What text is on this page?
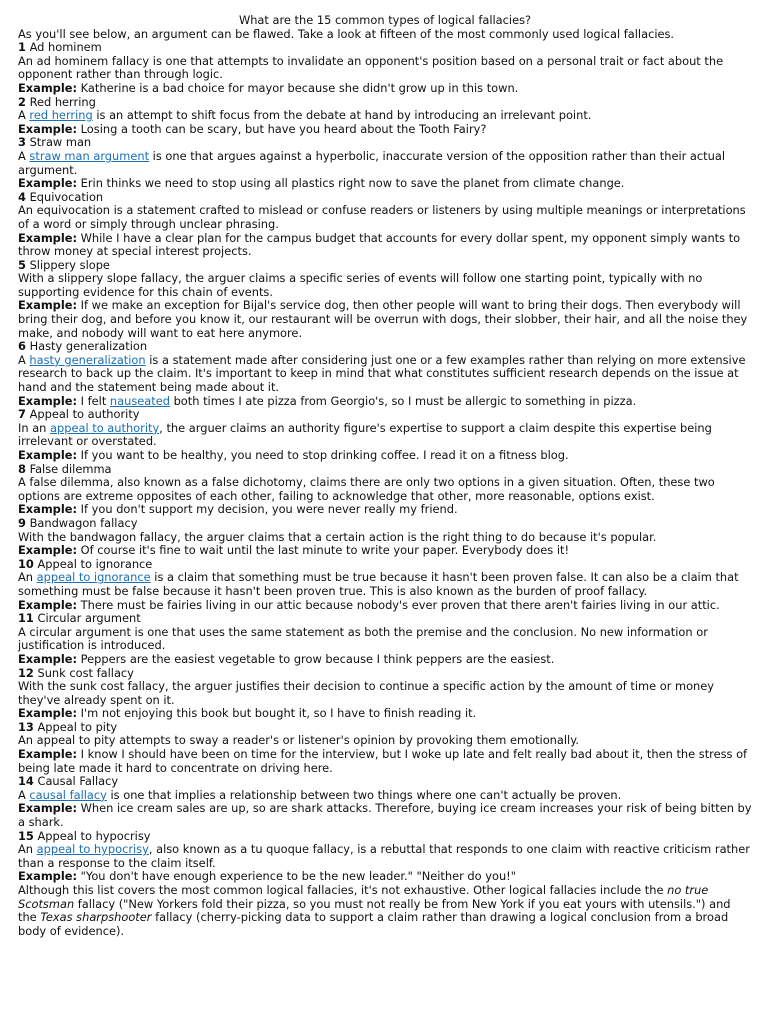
What are the 15 common types of logical fallacies?
As you'll see below, an argument can be flawed. Take a look at fifteen of the most commonly used logical fallacies.
1 Ad hominem
An ad hominem fallacy is one that attempts to invalidate an opponent's position based on a personal trait or fact about the opponent rather than through logic.
Example: Katherine is a bad choice for mayor because she didn't grow up in this town.
2 Red herring
A red herring is an attempt to shift focus from the debate at hand by introducing an irrelevant point.
Example: Losing a tooth can be scary, but have you heard about the Tooth Fairy?
3 Straw man
A straw man argument is one that argues against a hyperbolic, inaccurate version of the opposition rather than their actual argument.
Example: Erin thinks we need to stop using all plastics right now to save the planet from climate change.
4 Equivocation
An equivocation is a statement crafted to mislead or confuse readers or listeners by using multiple meanings or interpretations of a word or simply through unclear phrasing.
Example: While I have a clear plan for the campus budget that accounts for every dollar spent, my opponent simply wants to throw money at special interest projects.
5 Slippery slope
With a slippery slope fallacy, the arguer claims a specific series of events will follow one starting point, typically with no supporting evidence for this chain of events.
Example: If we make an exception for Bijal's service dog, then other people will want to bring their dogs. Then everybody will bring their dog, and before you know it, our restaurant will be overrun with dogs, their slobber, their hair, and all the noise they make, and nobody will want to eat here anymore.
6 Hasty generalization
A hasty generalization is a statement made after considering just one or a few examples rather than relying on more extensive research to back up the claim. It's important to keep in mind that what constitutes sufficient research depends on the issue at hand and the statement being made about it.
Example: I felt nauseated both times I ate pizza from Georgio's, so I must be allergic to something in pizza.
7 Appeal to authority
In an appeal to authority, the arguer claims an authority figure's expertise to support a claim despite this expertise being irrelevant or overstated.
Example: If you want to be healthy, you need to stop drinking coffee. I read it on a fitness blog.
8 False dilemma
A false dilemma, also known as a false dichotomy, claims there are only two options in a given situation. Often, these two options are extreme opposites of each other, failing to acknowledge that other, more reasonable, options exist.
Example: If you don't support my decision, you were never really my friend.
9 Bandwagon fallacy
With the bandwagon fallacy, the arguer claims that a certain action is the right thing to do because it's popular.
Example: Of course it's fine to wait until the last minute to write your paper. Everybody does it!
10 Appeal to ignorance
An appeal to ignorance is a claim that something must be true because it hasn't been proven false. It can also be a claim that something must be false because it hasn't been proven true. This is also known as the burden of proof fallacy.
Example: There must be fairies living in our attic because nobody's ever proven that there aren't fairies living in our attic.
11 Circular argument
A circular argument is one that uses the same statement as both the premise and the conclusion. No new information or justification is introduced.
Example: Peppers are the easiest vegetable to grow because I think peppers are the easiest.
12 Sunk cost fallacy
With the sunk cost fallacy, the arguer justifies their decision to continue a specific action by the amount of time or money they've already spent on it.
Example: I'm not enjoying this book but bought it, so I have to finish reading it.
13 Appeal to pity
An appeal to pity attempts to sway a reader's or listener's opinion by provoking them emotionally.
Example: I know I should have been on time for the interview, but I woke up late and felt really bad about it, then the stress of being late made it hard to concentrate on driving here.
14 Causal Fallacy
A causal fallacy is one that implies a relationship between two things where one can't actually be proven.
Example: When ice cream sales are up, so are shark attacks. Therefore, buying ice cream increases your risk of being bitten by a shark.
15 Appeal to hypocrisy
An appeal to hypocrisy, also known as a tu quoque fallacy, is a rebuttal that responds to one claim with reactive criticism rather than a response to the claim itself.
Example: "You don't have enough experience to be the new leader." "Neither do you!"
Although this list covers the most common logical fallacies, it's not exhaustive. Other logical fallacies include the no true Scotsman fallacy ("New Yorkers fold their pizza, so you must not really be from New York if you eat yours with utensils.") and the Texas sharpshooter fallacy (cherry-picking data to support a claim rather than drawing a logical conclusion from a broad body of evidence).
